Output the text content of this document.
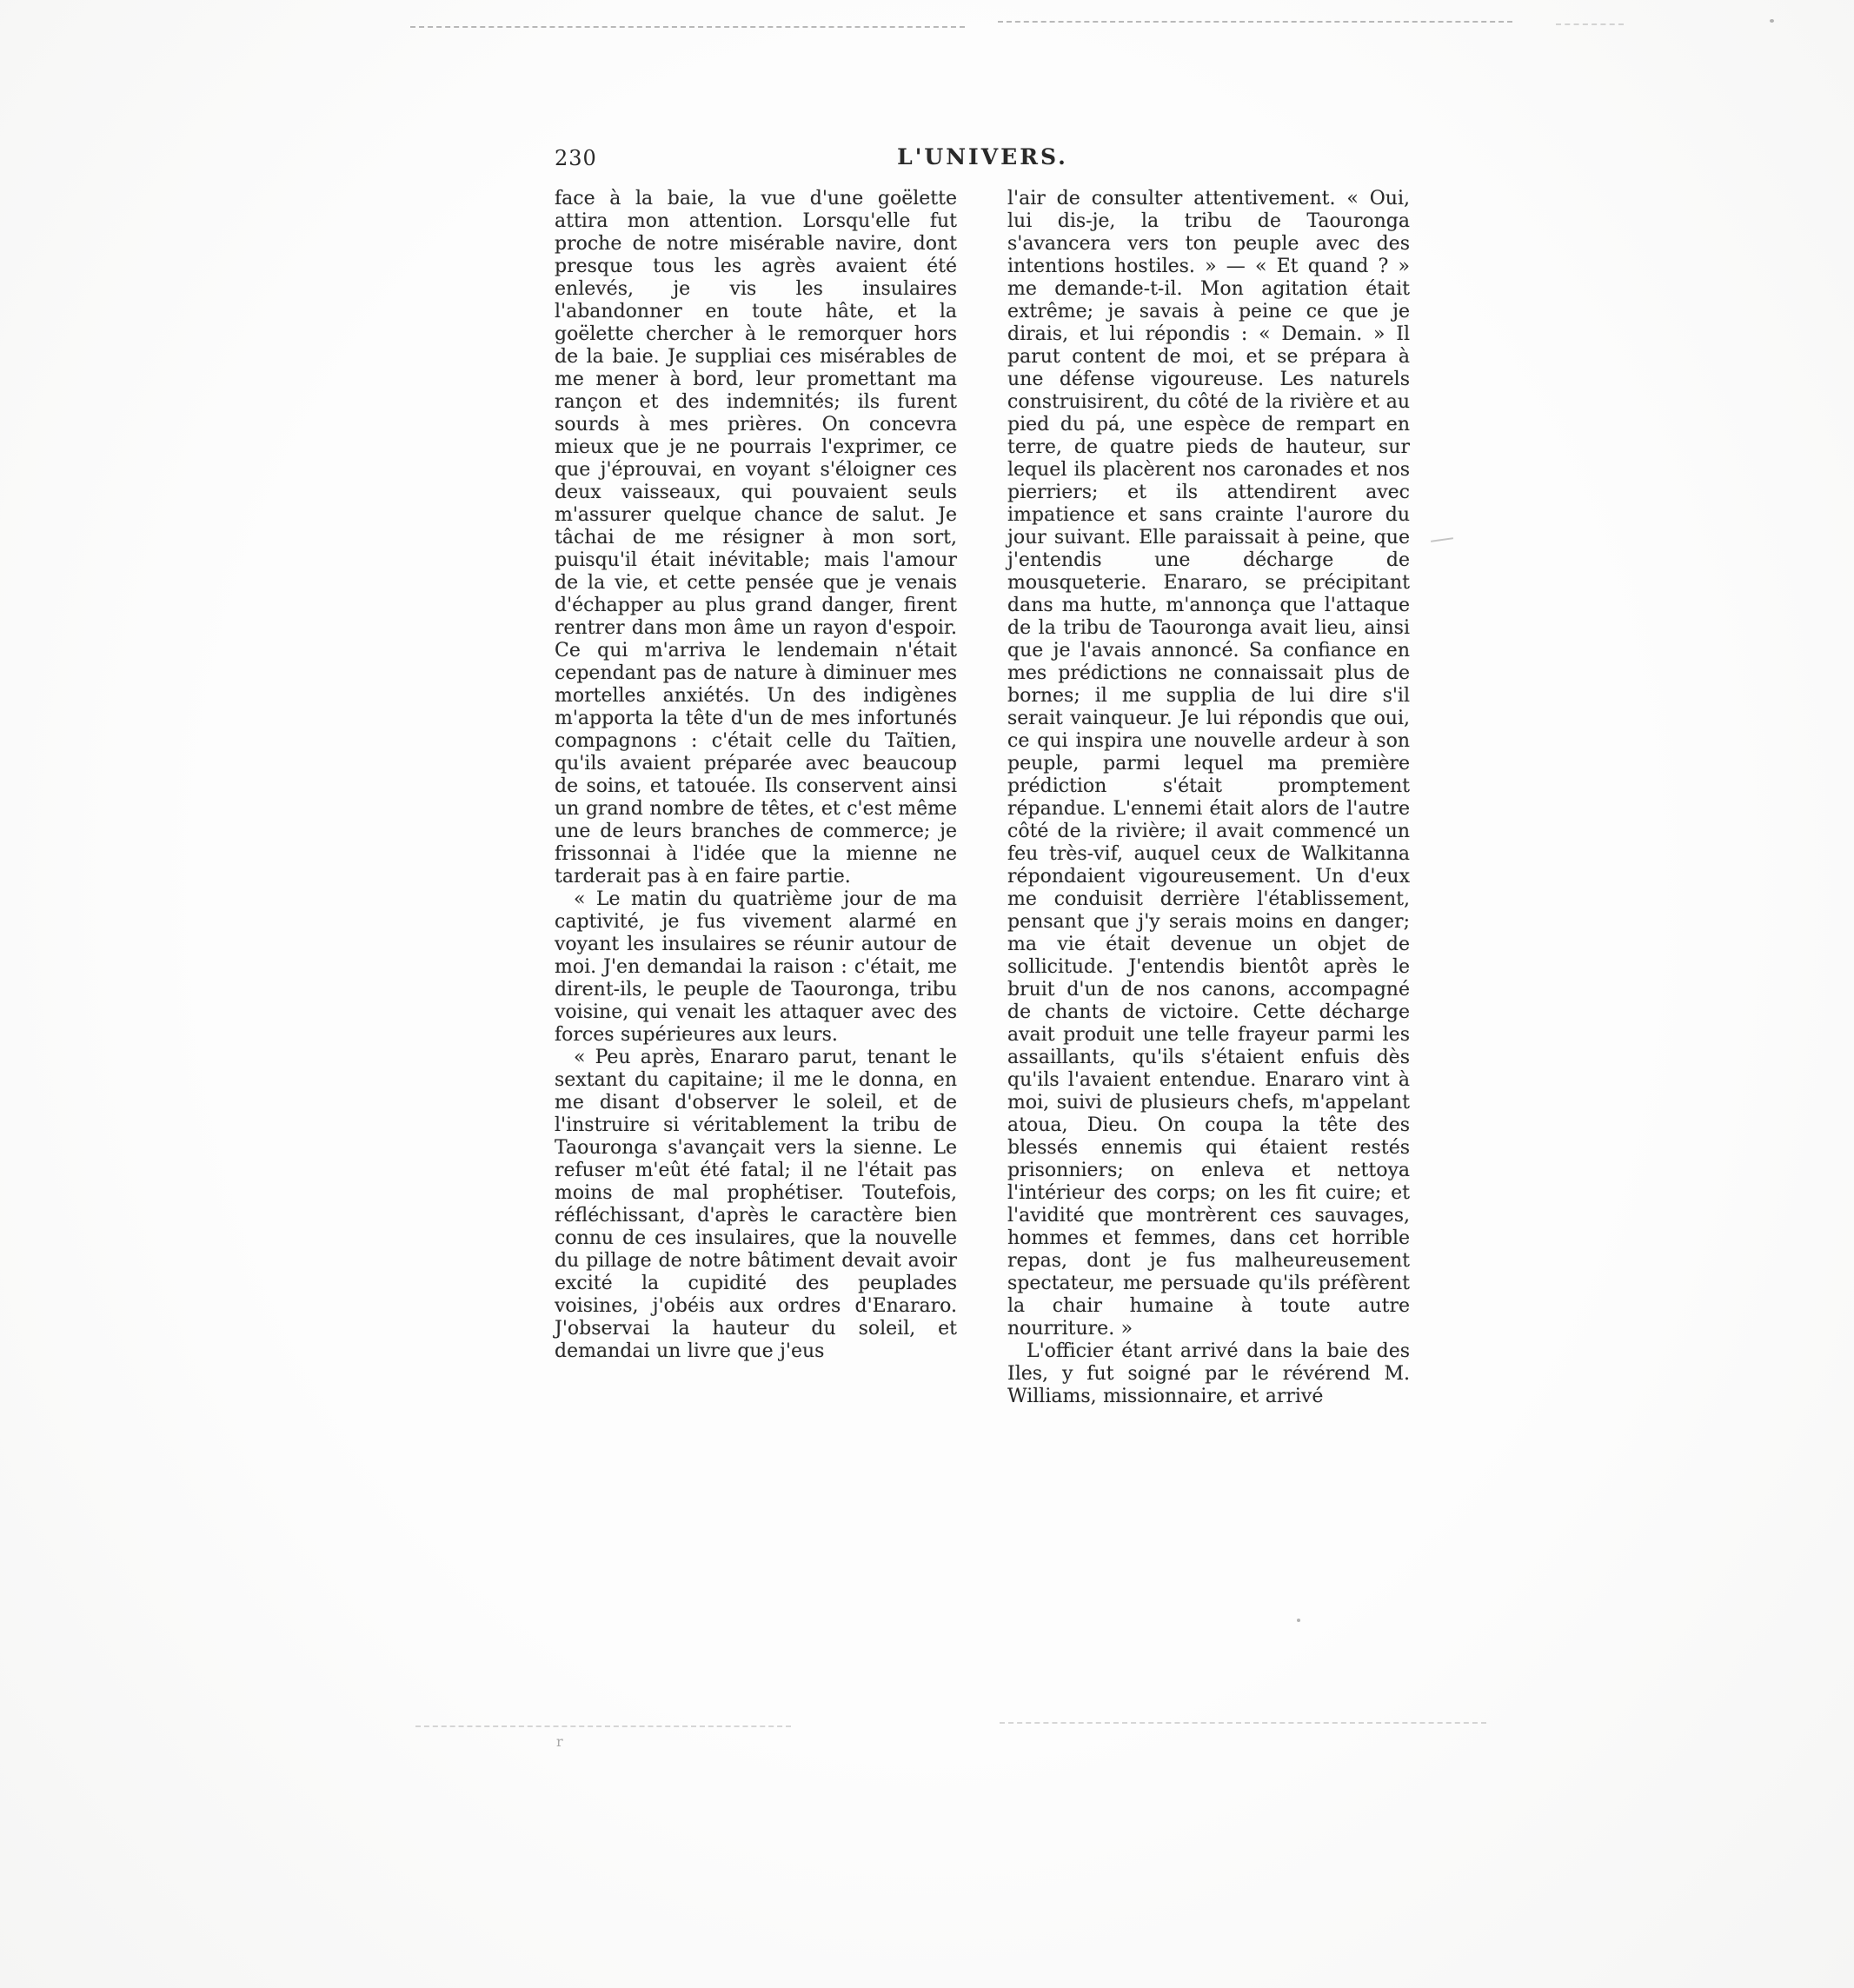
230	L'UNIVERS.

face à la baie, la vue d'une goëlette attira mon attention. Lorsqu'elle fut proche de notre misérable navire, dont presque tous les agrès avaient été enlevés, je vis les insulaires l'abandonner en toute hâte, et la goëlette chercher à le remorquer hors de la baie. Je suppliai ces misérables de me mener à bord, leur promettant ma rançon et des indemnités; ils furent sourds à mes prières. On concevra mieux que je ne pourrais l'exprimer, ce que j'éprouvai, en voyant s'éloigner ces deux vaisseaux, qui pouvaient seuls m'assurer quelque chance de salut. Je tâchai de me résigner à mon sort, puisqu'il était inévitable; mais l'amour de la vie, et cette pensée que je venais d'échapper au plus grand danger, firent rentrer dans mon âme un rayon d'espoir. Ce qui m'arriva le lendemain n'était cependant pas de nature à diminuer mes mortelles anxiétés. Un des indigènes m'apporta la tête d'un de mes infortunés compagnons : c'était celle du Taïtien, qu'ils avaient préparée avec beaucoup de soins, et tatouée. Ils conservent ainsi un grand nombre de têtes, et c'est même une de leurs branches de commerce; je frissonnai à l'idée que la mienne ne tarderait pas à en faire partie.

« Le matin du quatrième jour de ma captivité, je fus vivement alarmé en voyant les insulaires se réunir autour de moi. J'en demandai la raison : c'était, me dirent-ils, le peuple de Taouronga, tribu voisine, qui venait les attaquer avec des forces supérieures aux leurs.

« Peu après, Enararo parut, tenant le sextant du capitaine; il me le donna, en me disant d'observer le soleil, et de l'instruire si véritablement la tribu de Taouronga s'avançait vers la sienne. Le refuser m'eût été fatal; il ne l'était pas moins de mal prophétiser. Toutefois, réfléchissant, d'après le caractère bien connu de ces insulaires, que la nouvelle du pillage de notre bâtiment devait avoir excité la cupidité des peuplades voisines, j'obéis aux ordres d'Enararo. J'observai la hauteur du soleil, et demandai un livre que j'eus

l'air de consulter attentivement. « Oui, lui dis-je, la tribu de Taouronga s'avancera vers ton peuple avec des intentions hostiles. » — « Et quand ? » me demande-t-il. Mon agitation était extrême; je savais à peine ce que je dirais, et lui répondis : « Demain. » Il parut content de moi, et se prépara à une défense vigoureuse. Les naturels construisirent, du côté de la rivière et au pied du pá, une espèce de rempart en terre, de quatre pieds de hauteur, sur lequel ils placèrent nos caronades et nos pierriers; et ils attendirent avec impatience et sans crainte l'aurore du jour suivant. Elle paraissait à peine, que j'entendis une décharge de mousqueterie. Enararo, se précipitant dans ma hutte, m'annonça que l'attaque de la tribu de Taouronga avait lieu, ainsi que je l'avais annoncé. Sa confiance en mes prédictions ne connaissait plus de bornes; il me supplia de lui dire s'il serait vainqueur. Je lui répondis que oui, ce qui inspira une nouvelle ardeur à son peuple, parmi lequel ma première prédiction s'était promptement répandue. L'ennemi était alors de l'autre côté de la rivière; il avait commencé un feu très-vif, auquel ceux de Walkitanna répondaient vigoureusement. Un d'eux me conduisit derrière l'établissement, pensant que j'y serais moins en danger; ma vie était devenue un objet de sollicitude. J'entendis bientôt après le bruit d'un de nos canons, accompagné de chants de victoire. Cette décharge avait produit une telle frayeur parmi les assaillants, qu'ils s'étaient enfuis dès qu'ils l'avaient entendue. Enararo vint à moi, suivi de plusieurs chefs, m'appelant atoua, Dieu. On coupa la tête des blessés ennemis qui étaient restés prisonniers; on enleva et nettoya l'intérieur des corps; on les fit cuire; et l'avidité que montrèrent ces sauvages, hommes et femmes, dans cet horrible repas, dont je fus malheureusement spectateur, me persuade qu'ils préfèrent la chair humaine à toute autre nourriture. »

L'officier étant arrivé dans la baie des Iles, y fut soigné par le révérend M. Williams, missionnaire, et arrivé

r
